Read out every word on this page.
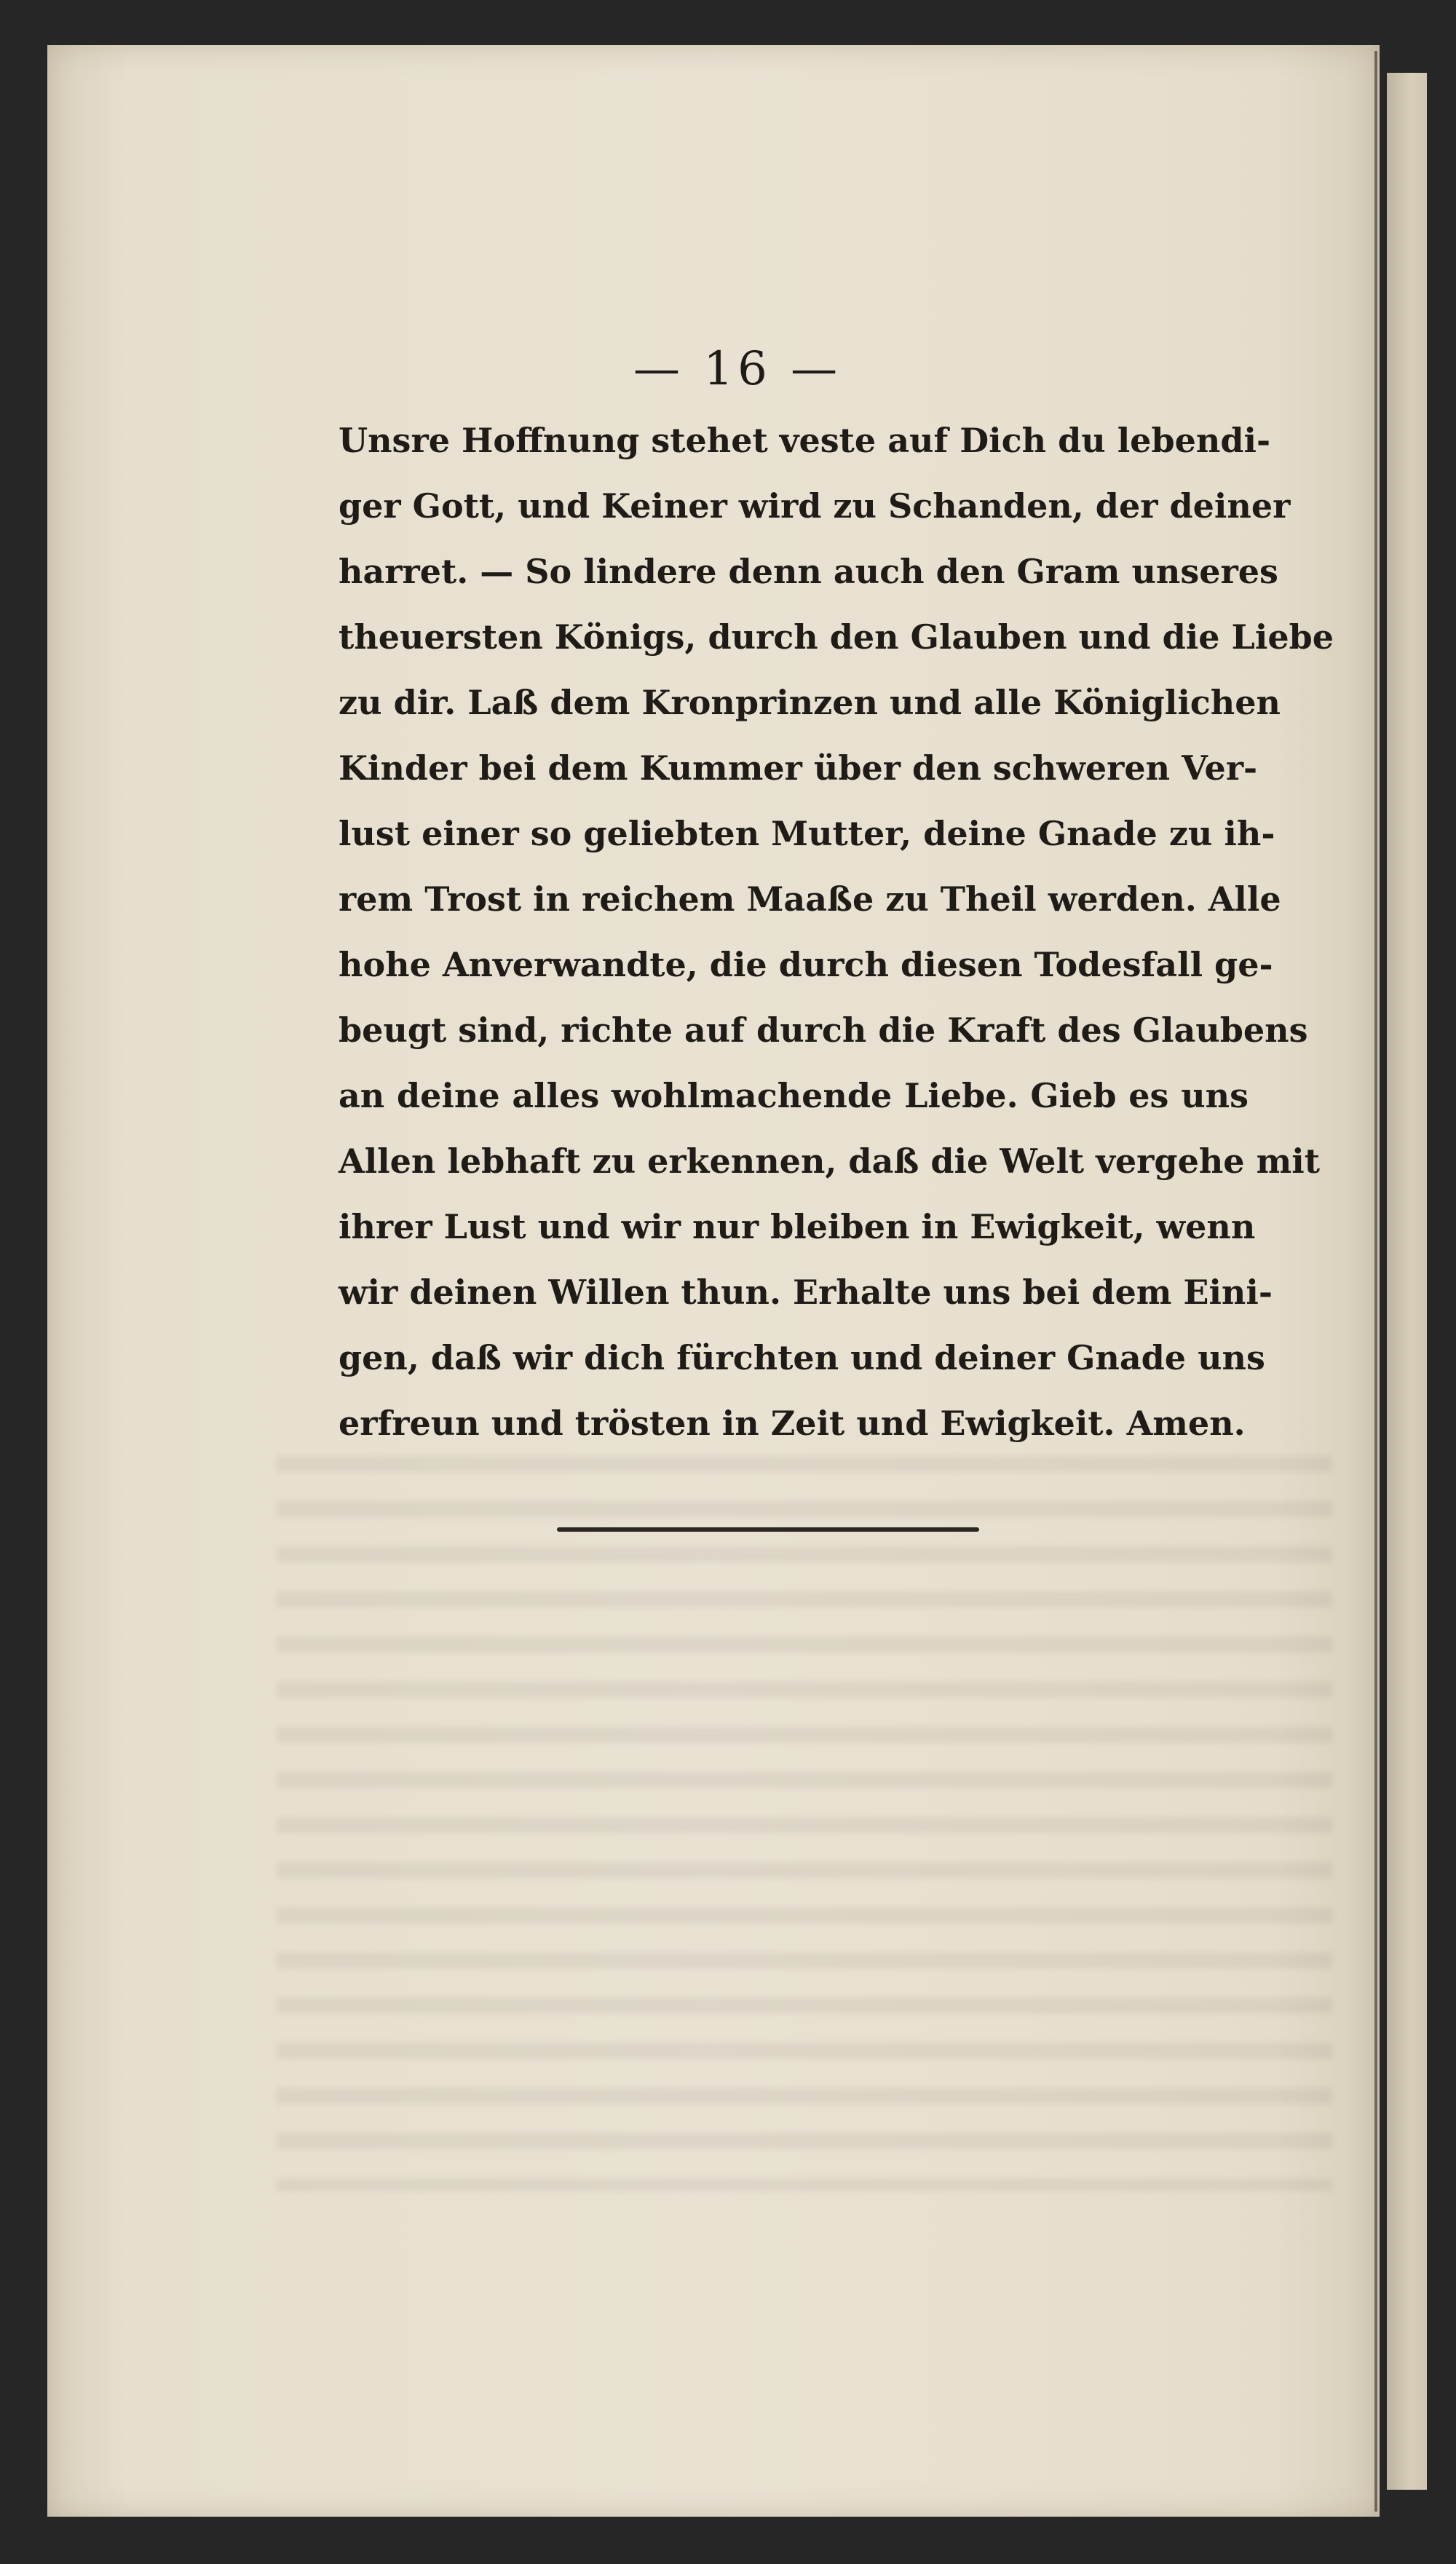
— 16 —

Unsre Hoffnung stehet veste auf Dich du lebendi-
ger Gott, und Keiner wird zu Schanden, der deiner
harret. — So lindere denn auch den Gram unseres
theuersten Königs, durch den Glauben und die Liebe
zu dir. Laß dem Kronprinzen und alle Königlichen
Kinder bei dem Kummer über den schweren Ver-
lust einer so geliebten Mutter, deine Gnade zu ih-
rem Trost in reichem Maaße zu Theil werden. Alle
hohe Anverwandte, die durch diesen Todesfall ge-
beugt sind, richte auf durch die Kraft des Glaubens
an deine alles wohlmachende Liebe. Gieb es uns
Allen lebhaft zu erkennen, daß die Welt vergehe mit
ihrer Lust und wir nur bleiben in Ewigkeit, wenn
wir deinen Willen thun. Erhalte uns bei dem Eini-
gen, daß wir dich fürchten und deiner Gnade uns
erfreun und trösten in Zeit und Ewigkeit. Amen.
